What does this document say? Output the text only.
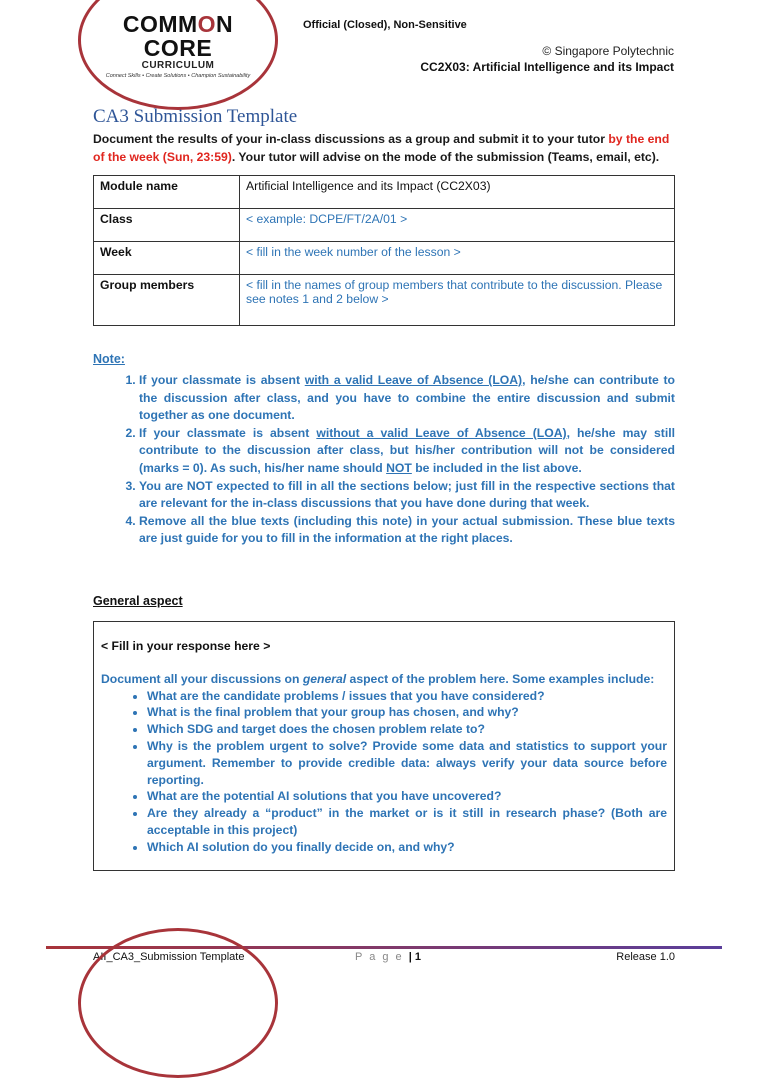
COMMON CORE
CURRICULUM
Connect Skills • Create Solutions • Champion Sustainability
Official (Closed), Non-Sensitive
© Singapore Polytechnic
CC2X03: Artificial Intelligence and its Impact
CA3 Submission Template
Document the results of your in-class discussions as a group and submit it to your tutor by the end of the week (Sun, 23:59). Your tutor will advise on the mode of the submission (Teams, email, etc).
Module name	Artificial Intelligence and its Impact (CC2X03)
Class	< example: DCPE/FT/2A/01 >
Week	< fill in the week number of the lesson >
Group members	< fill in the names of group members that contribute to the discussion. Please see notes 1 and 2 below >
Note:
1. If your classmate is absent with a valid Leave of Absence (LOA), he/she can contribute to the discussion after class, and you have to combine the entire discussion and submit together as one document.
2. If your classmate is absent without a valid Leave of Absence (LOA), he/she may still contribute to the discussion after class, but his/her contribution will not be considered (marks = 0). As such, his/her name should NOT be included in the list above.
3. You are NOT expected to fill in all the sections below; just fill in the respective sections that are relevant for the in-class discussions that you have done during that week.
4. Remove all the blue texts (including this note) in your actual submission. These blue texts are just guide for you to fill in the information at the right places.
General aspect
< Fill in your response here >
Document all your discussions on general aspect of the problem here. Some examples include:
• What are the candidate problems / issues that you have considered?
• What is the final problem that your group has chosen, and why?
• Which SDG and target does the chosen problem relate to?
• Why is the problem urgent to solve? Provide some data and statistics to support your argument. Remember to provide credible data: always verify your data source before reporting.
• What are the potential AI solutions that you have uncovered?
• Are they already a “product” in the market or is it still in research phase? (Both are acceptable in this project)
• Which AI solution do you finally decide on, and why?
AII_CA3_Submission Template	P a g e | 1	Release 1.0
